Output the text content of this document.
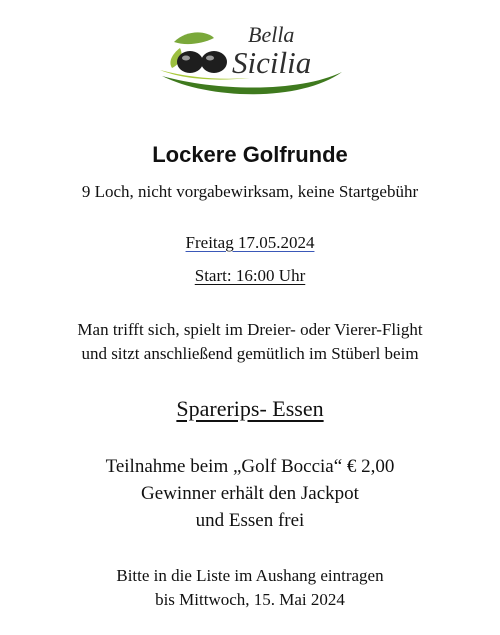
Bella
Sicilia
Lockere Golfrunde
9 Loch, nicht vorgabewirksam, keine Startgebühr
Freitag 17.05.2024
Start: 16:00 Uhr
Man trifft sich, spielt im Dreier- oder Vierer-Flight
und sitzt anschließend gemütlich im Stüberl beim
Sparerips- Essen
Teilnahme beim „Golf Boccia“ € 2,00
Gewinner erhält den Jackpot
und Essen frei
Bitte in die Liste im Aushang eintragen
bis Mittwoch, 15. Mai 2024
